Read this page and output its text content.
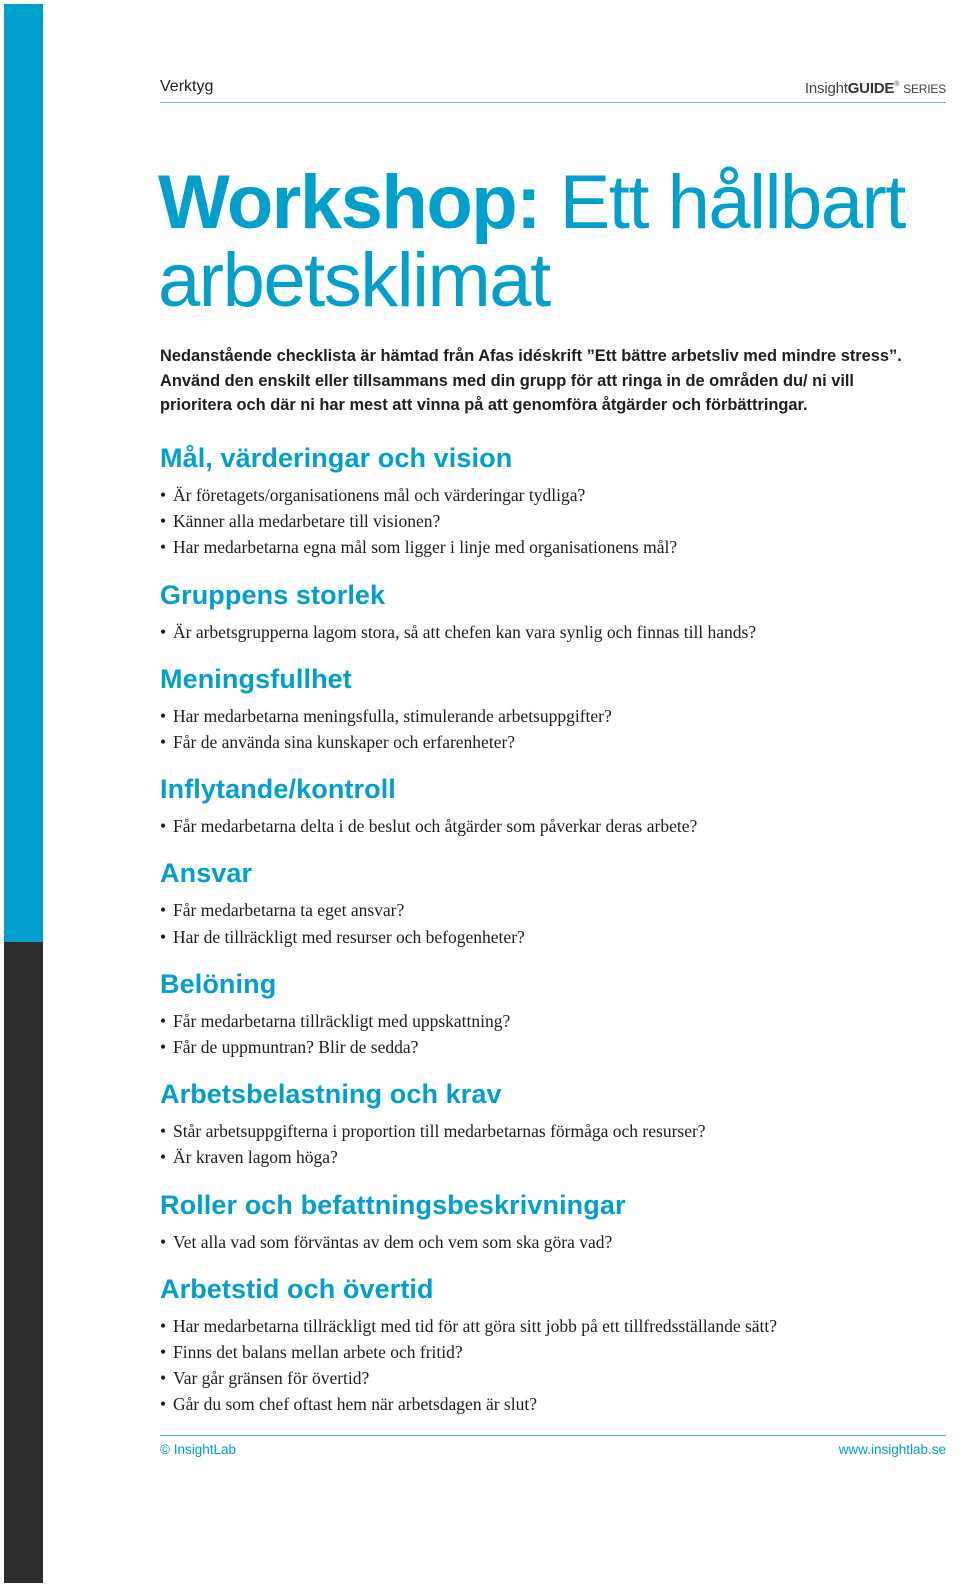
Verktyg	InsightGUIDE® SERIES
Workshop: Ett hållbart arbetsklimat

Nedanstående checklista är hämtad från Afas idéskrift ”Ett bättre arbetsliv med mindre stress”. Använd den enskilt eller tillsammans med din grupp för att ringa in de områden du/ ni vill prioritera och där ni har mest att vinna på att genomföra åtgärder och förbättringar.

Mål, värderingar och vision
• Är företagets/organisationens mål och värderingar tydliga?
• Känner alla medarbetare till visionen?
• Har medarbetarna egna mål som ligger i linje med organisationens mål?
Gruppens storlek
• Är arbetsgrupperna lagom stora, så att chefen kan vara synlig och finnas till hands?
Meningsfullhet
• Har medarbetarna meningsfulla, stimulerande arbetsuppgifter?
• Får de använda sina kunskaper och erfarenheter?
Inflytande/kontroll
• Får medarbetarna delta i de beslut och åtgärder som påverkar deras arbete?
Ansvar
• Får medarbetarna ta eget ansvar?
• Har de tillräckligt med resurser och befogenheter?
Belöning
• Får medarbetarna tillräckligt med uppskattning?
• Får de uppmuntran? Blir de sedda?
Arbetsbelastning och krav
• Står arbetsuppgifterna i proportion till medarbetarnas förmåga och resurser?
• Är kraven lagom höga?
Roller och befattningsbeskrivningar
• Vet alla vad som förväntas av dem och vem som ska göra vad?
Arbetstid och övertid
• Har medarbetarna tillräckligt med tid för att göra sitt jobb på ett tillfredsställande sätt?
• Finns det balans mellan arbete och fritid?
• Var går gränsen för övertid?
• Går du som chef oftast hem när arbetsdagen är slut?
© InsightLab	www.insightlab.se
